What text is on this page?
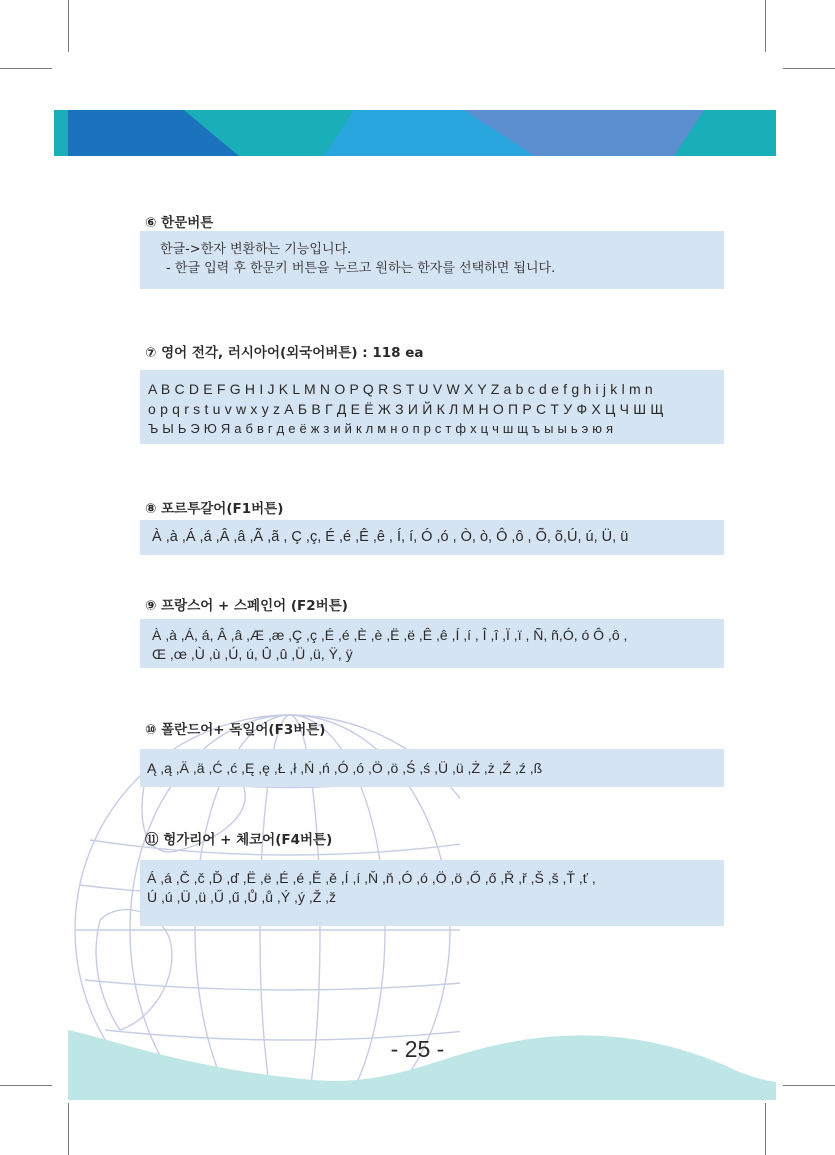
⑥ 한문버튼
한글->한자 변환하는 기능입니다.
- 한글 입력 후 한문키 버튼을 누르고 원하는 한자를 선택하면 됩니다.
⑦ 영어 전각, 러시아어(외국어버튼) : 118 ea
A B C D E F G H I J K L M N O P Q R S T U V W X Y Z a b c d e f g h i j k l m n
o p q r s t u v w x y z А Б В Г Д Е Ё Ж З И Й К Л М Н О П Р С Т У Ф Х Ц Ч Ш Щ
Ъ Ы Ь Э Ю Я а б в г д е ё ж з и й к л м н о п р с т ф х ц ч ш щ ъ ы ы ь э ю я
⑧ 포르투갈어(F1버튼)
À ,à ,Á ,á ,Â ,â ,Ã ,ã , Ç ,ç, É ,é ,Ê ,ê , Í, í, Ó ,ó , Ò, ò, Ô ,ô , Õ, õ,Ú, ú, Ü, ü
⑨ 프랑스어 + 스페인어 (F2버튼)
À ,à ,Á, á, Â ,â ,Æ ,æ ,Ç ,ç ,É ,é ,È ,è ,Ë ,ë ,Ê ,ê ,Í ,í , Î ,î ,Ï ,ï , Ñ, ñ,Ó, ó Ô ,ô ,
Œ ,œ ,Ù ,ù ,Ú, ú, Û ,û ,Ü ,ü, Ÿ, ÿ
⑩ 폴란드어+ 독일어(F3버튼)
Ą ,ą ,Ä ,ä ,Ć ,ć ,Ę ,ę ,Ł ,ł ,Ń ,ń ,Ó ,ó ,Ö ,ö ,Ś ,ś ,Ü ,ü ,Ż ,ż ,Ź ,ź ,ß
⑪ 헝가리어 + 체코어(F4버튼)
Á ,á ,Č ,č ,Ď ,ď ,Ë ,ë ,É ,é ,Ě ,ě ,Í ,í ,Ň ,ň ,Ó ,ó ,Ö ,ö ,Ő ,ő ,Ř ,ř ,Š ,š ,Ť ,ť ,
Ú ,ú ,Ü ,ü ,Ű ,ű ,Ů ,ů ,Ý ,ý ,Ž ,ž
- 25 -
